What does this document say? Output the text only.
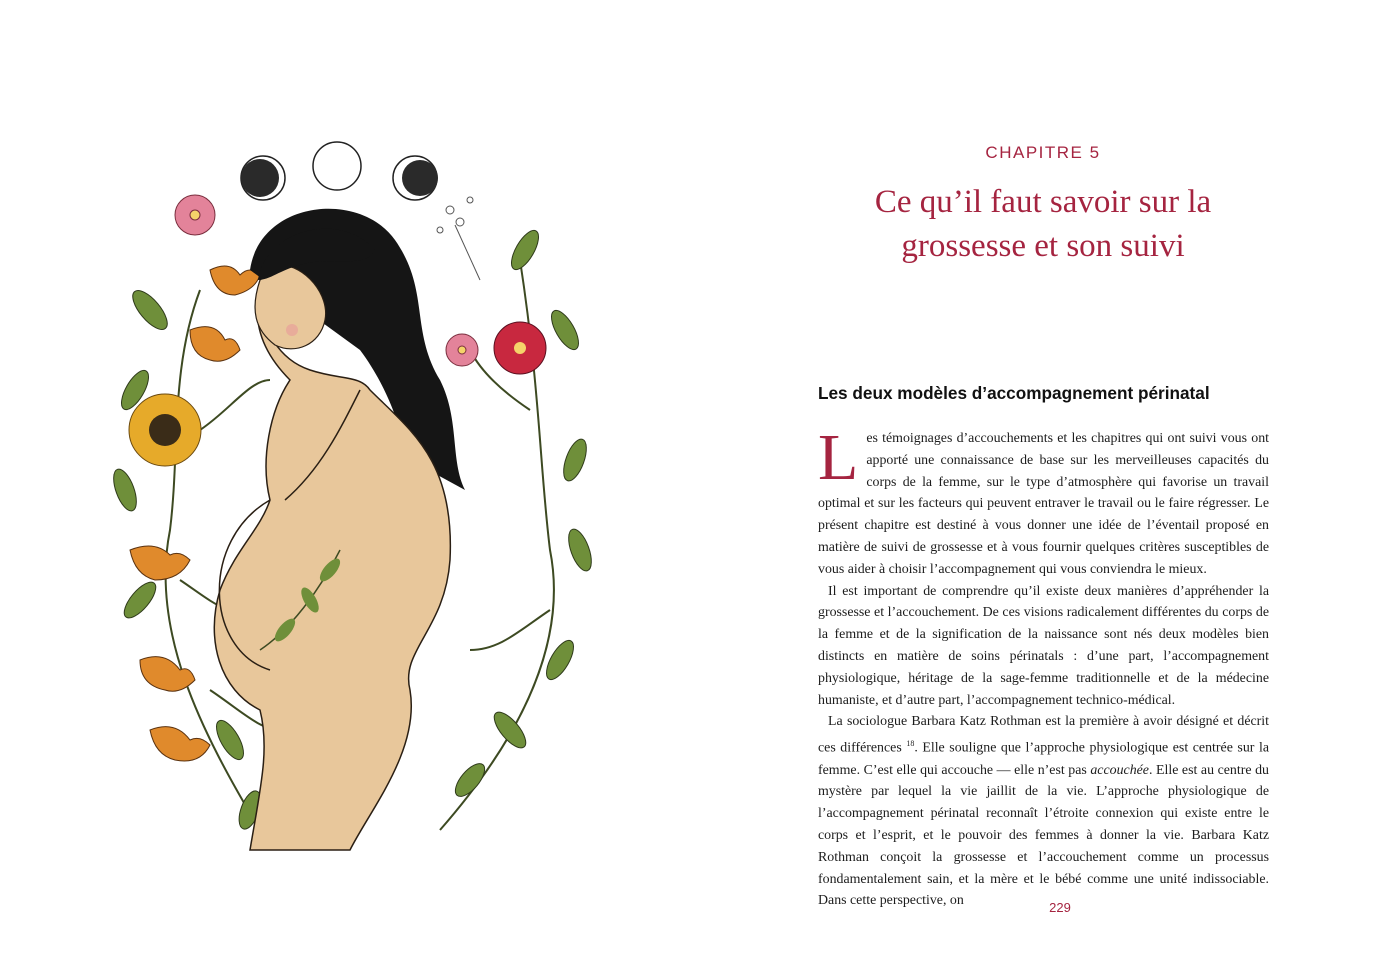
CHAPITRE 5
Ce qu’il faut savoir sur la grossesse et son suivi
Les deux modèles d’accompagnement périnatal

Les témoignages d’accouchements et les chapitres qui ont suivi vous ont apporté une connaissance de base sur les merveilleuses capacités du corps de la femme, sur le type d’atmosphère qui favorise un travail optimal et sur les facteurs qui peuvent entraver le travail ou le faire régresser. Le présent chapitre est destiné à vous donner une idée de l’éventail proposé en matière de suivi de grossesse et à vous fournir quelques critères susceptibles de vous aider à choisir l’accompagnement qui vous conviendra le mieux.

Il est important de comprendre qu’il existe deux manières d’appréhender la grossesse et l’accouchement. De ces visions radicalement différentes du corps de la femme et de la signification de la naissance sont nés deux modèles bien distincts en matière de soins périnatals : d’une part, l’accompagnement physiologique, héritage de la sage-femme traditionnelle et de la médecine humaniste, et d’autre part, l’accompagnement technico-médical.

La sociologue Barbara Katz Rothman est la première à avoir désigné et décrit ces différences $^{18}$. Elle souligne que l’approche physiologique est centrée sur la femme. C’est elle qui accouche — elle n’est pas accouchée. Elle est au centre du mystère par lequel la vie jaillit de la vie. L’approche physiologique de l’accompagnement périnatal reconnaît l’étroite connexion qui existe entre le corps et l’esprit, et le pouvoir des femmes à donner la vie. Barbara Katz Rothman conçoit la grossesse et l’accouchement comme un processus fondamentalement sain, et la mère et le bébé comme une unité indissociable. Dans cette perspective, on	229
